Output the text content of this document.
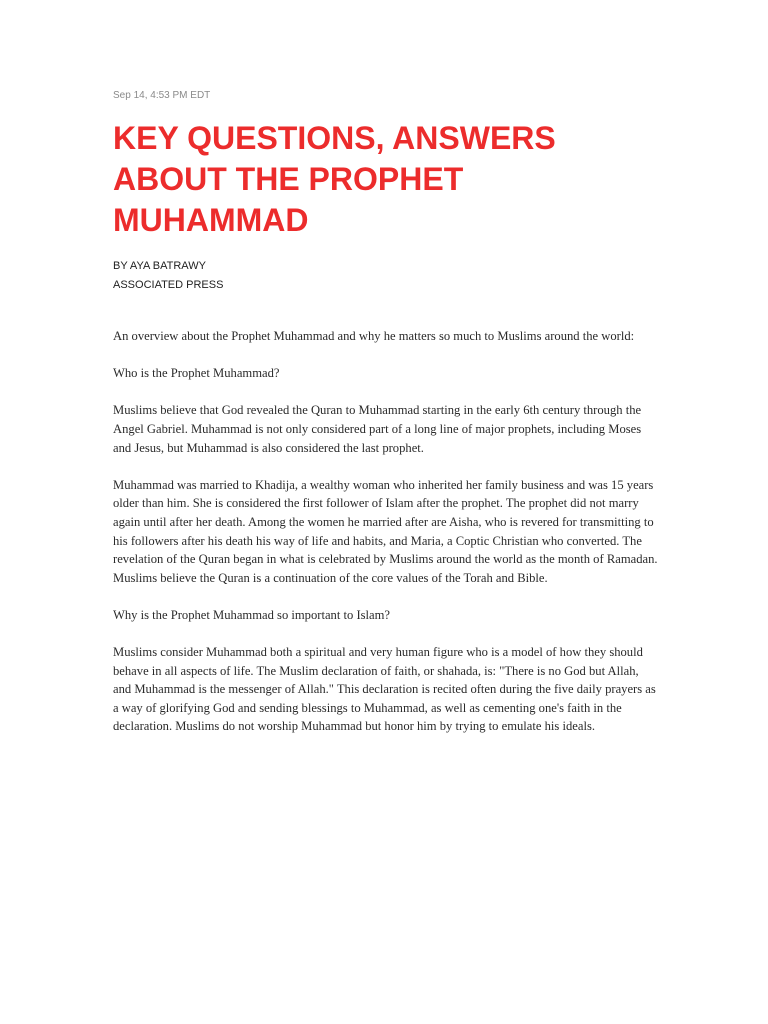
Sep 14, 4:53 PM EDT
KEY QUESTIONS, ANSWERS ABOUT THE PROPHET MUHAMMAD
BY AYA BATRAWY
ASSOCIATED PRESS

An overview about the Prophet Muhammad and why he matters so much to Muslims around the world:

Who is the Prophet Muhammad?

Muslims believe that God revealed the Quran to Muhammad starting in the early 6th century through the Angel Gabriel. Muhammad is not only considered part of a long line of major prophets, including Moses and Jesus, but Muhammad is also considered the last prophet.

Muhammad was married to Khadija, a wealthy woman who inherited her family business and was 15 years older than him. She is considered the first follower of Islam after the prophet. The prophet did not marry again until after her death. Among the women he married after are Aisha, who is revered for transmitting to his followers after his death his way of life and habits, and Maria, a Coptic Christian who converted. The revelation of the Quran began in what is celebrated by Muslims around the world as the month of Ramadan. Muslims believe the Quran is a continuation of the core values of the Torah and Bible.

Why is the Prophet Muhammad so important to Islam?

Muslims consider Muhammad both a spiritual and very human figure who is a model of how they should behave in all aspects of life. The Muslim declaration of faith, or shahada, is: "There is no God but Allah, and Muhammad is the messenger of Allah." This declaration is recited often during the five daily prayers as a way of glorifying God and sending blessings to Muhammad, as well as cementing one's faith in the declaration. Muslims do not worship Muhammad but honor him by trying to emulate his ideals.
